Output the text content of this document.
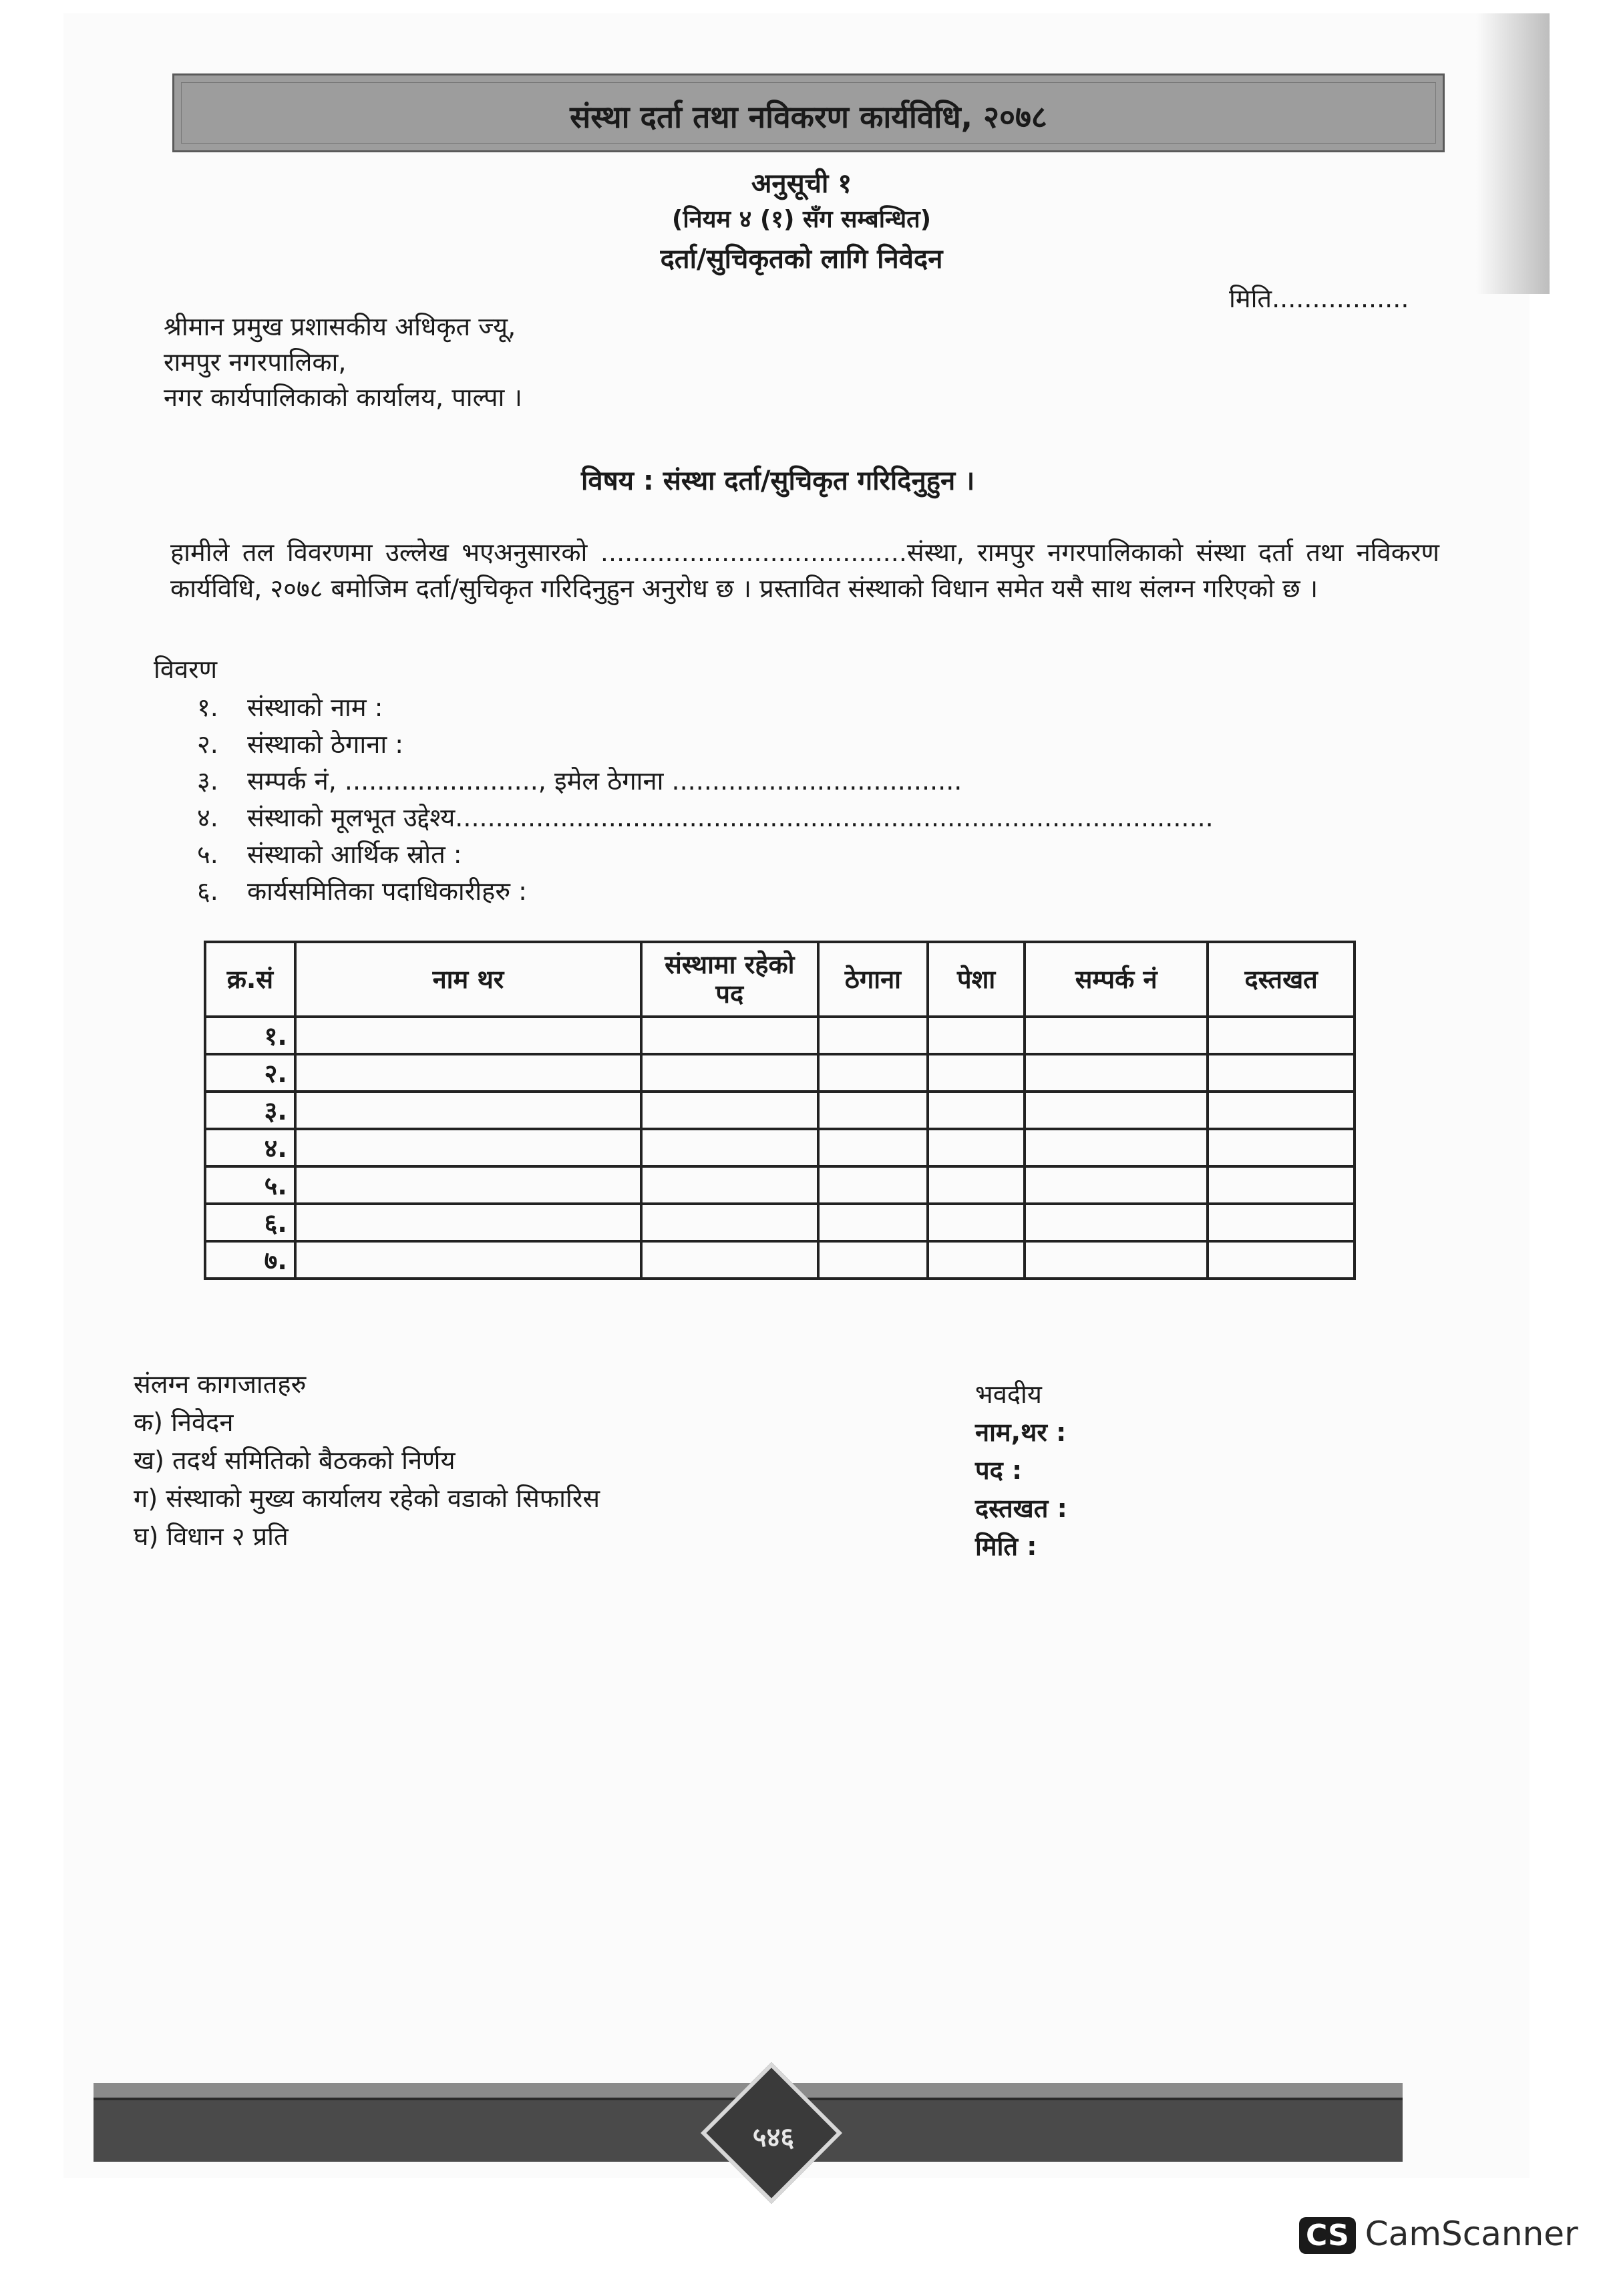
संस्था दर्ता तथा नविकरण कार्यविधि, २०७८
अनुसूची १
(नियम ४ (१) सँग सम्बन्धित)
दर्ता/सुचिकृतको लागि निवेदन
मिति.................
श्रीमान प्रमुख प्रशासकीय अधिकृत ज्यू,
रामपुर नगरपालिका,
नगर कार्यपालिकाको कार्यालय, पाल्पा ।
विषय : संस्था दर्ता/सुचिकृत गरिदिनुहुन ।
हामीले तल विवरणमा उल्लेख भएअनुसारको ......................................संस्था, रामपुर नगरपालिकाको संस्था दर्ता तथा नविकरण कार्यविधि, २०७८ बमोजिम दर्ता/सुचिकृत गरिदिनुहुन अनुरोध छ । प्रस्तावित संस्थाको विधान समेत यसै साथ संलग्न गरिएको छ ।
विवरण
१. संस्थाको नाम :
२. संस्थाको ठेगाना :
३. सम्पर्क नं, ........................, इमेल ठेगाना ....................................
४. संस्थाको मूलभूत उद्देश्य..............................................................................................
५. संस्थाको आर्थिक स्रोत :
६. कार्यसमितिका पदाधिकारीहरु :
क्र.सं	नाम थर	संस्थामा रहेको पद	ठेगाना	पेशा	सम्पर्क नं	दस्तखत
१.						
२.						
३.						
४.						
५.						
६.						
७.						
संलग्न कागजातहरु
क) निवेदन
ख) तदर्थ समितिको बैठकको निर्णय
ग) संस्थाको मुख्य कार्यालय रहेको वडाको सिफारिस
घ) विधान २ प्रति
भवदीय
नाम,थर :
पद :
दस्तखत :
मिति :
५४६
CS CamScanner
